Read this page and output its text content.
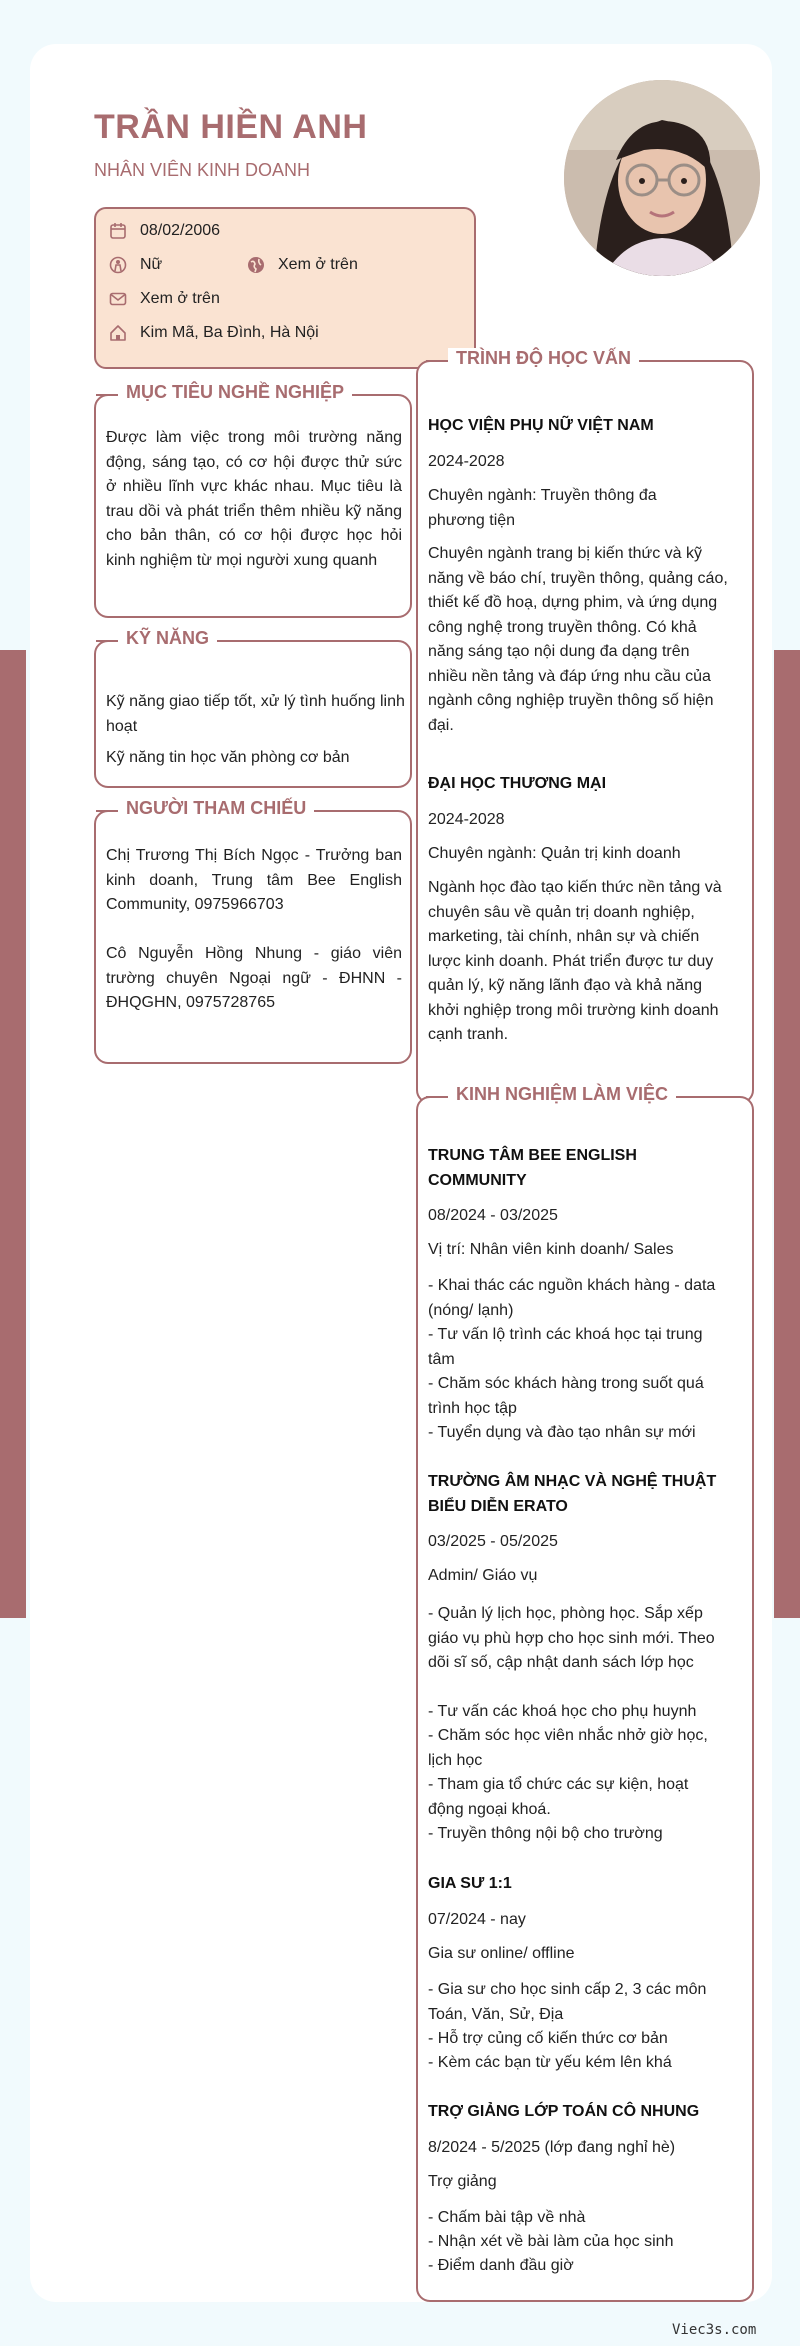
TRẦN HIỀN ANH
NHÂN VIÊN KINH DOANH
08/02/2006
Nữ	Xem ở trên
Xem ở trên
Kim Mã, Ba Đình, Hà Nội
MỤC TIÊU NGHỀ NGHIỆP
Được làm việc trong môi trường năng động, sáng tạo, có cơ hội được thử sức ở nhiều lĩnh vực khác nhau. Mục tiêu là trau dồi và phát triển thêm nhiều kỹ năng cho bản thân, có cơ hội được học hỏi kinh nghiệm từ mọi người xung quanh
KỸ NĂNG
Kỹ năng giao tiếp tốt, xử lý tình huống linh hoạt
Kỹ năng tin học văn phòng cơ bản
NGƯỜI THAM CHIẾU
Chị Trương Thị Bích Ngọc - Trưởng ban kinh doanh, Trung tâm Bee English Community, 0975966703
Cô Nguyễn Hồng Nhung - giáo viên trường chuyên Ngoại ngữ - ĐHNN - ĐHQGHN, 0975728765
TRÌNH ĐỘ HỌC VẤN
HỌC VIỆN PHỤ NỮ VIỆT NAM
2024-2028
Chuyên ngành: Truyền thông đa phương tiện
Chuyên ngành trang bị kiến thức và kỹ năng về báo chí, truyền thông, quảng cáo, thiết kế đồ hoạ, dựng phim, và ứng dụng công nghệ trong truyền thông. Có khả năng sáng tạo nội dung đa dạng trên nhiều nền tảng và đáp ứng nhu cầu của ngành công nghiệp truyền thông số hiện đại.
ĐẠI HỌC THƯƠNG MẠI
2024-2028
Chuyên ngành: Quản trị kinh doanh
Ngành học đào tạo kiến thức nền tảng và chuyên sâu về quản trị doanh nghiệp, marketing, tài chính, nhân sự và chiến lược kinh doanh. Phát triển được tư duy quản lý, kỹ năng lãnh đạo và khả năng khởi nghiệp trong môi trường kinh doanh cạnh tranh.
KINH NGHIỆM LÀM VIỆC
TRUNG TÂM BEE ENGLISH COMMUNITY
08/2024 - 03/2025
Vị trí: Nhân viên kinh doanh/ Sales
- Khai thác các nguồn khách hàng - data (nóng/ lạnh)
- Tư vấn lộ trình các khoá học tại trung tâm
- Chăm sóc khách hàng trong suốt quá trình học tập
- Tuyển dụng và đào tạo nhân sự mới
TRƯỜNG ÂM NHẠC VÀ NGHỆ THUẬT BIỂU DIỄN ERATO
03/2025 - 05/2025
Admin/ Giáo vụ
- Quản lý lịch học, phòng học. Sắp xếp giáo vụ phù hợp cho học sinh mới. Theo dõi sĩ số, cập nhật danh sách lớp học
- Tư vấn các khoá học cho phụ huynh
- Chăm sóc học viên nhắc nhở giờ học, lịch học
- Tham gia tổ chức các sự kiện, hoạt động ngoại khoá.
- Truyền thông nội bộ cho trường
GIA SƯ 1:1
07/2024 - nay
Gia sư online/ offline
- Gia sư cho học sinh cấp 2, 3 các môn Toán, Văn, Sử, Địa
- Hỗ trợ củng cố kiến thức cơ bản
- Kèm các bạn từ yếu kém lên khá
TRỢ GIẢNG LỚP TOÁN CÔ NHUNG
8/2024 - 5/2025 (lớp đang nghỉ hè)
Trợ giảng
- Chấm bài tập về nhà
- Nhận xét về bài làm của học sinh
- Điểm danh đầu giờ
Viec3s.com
